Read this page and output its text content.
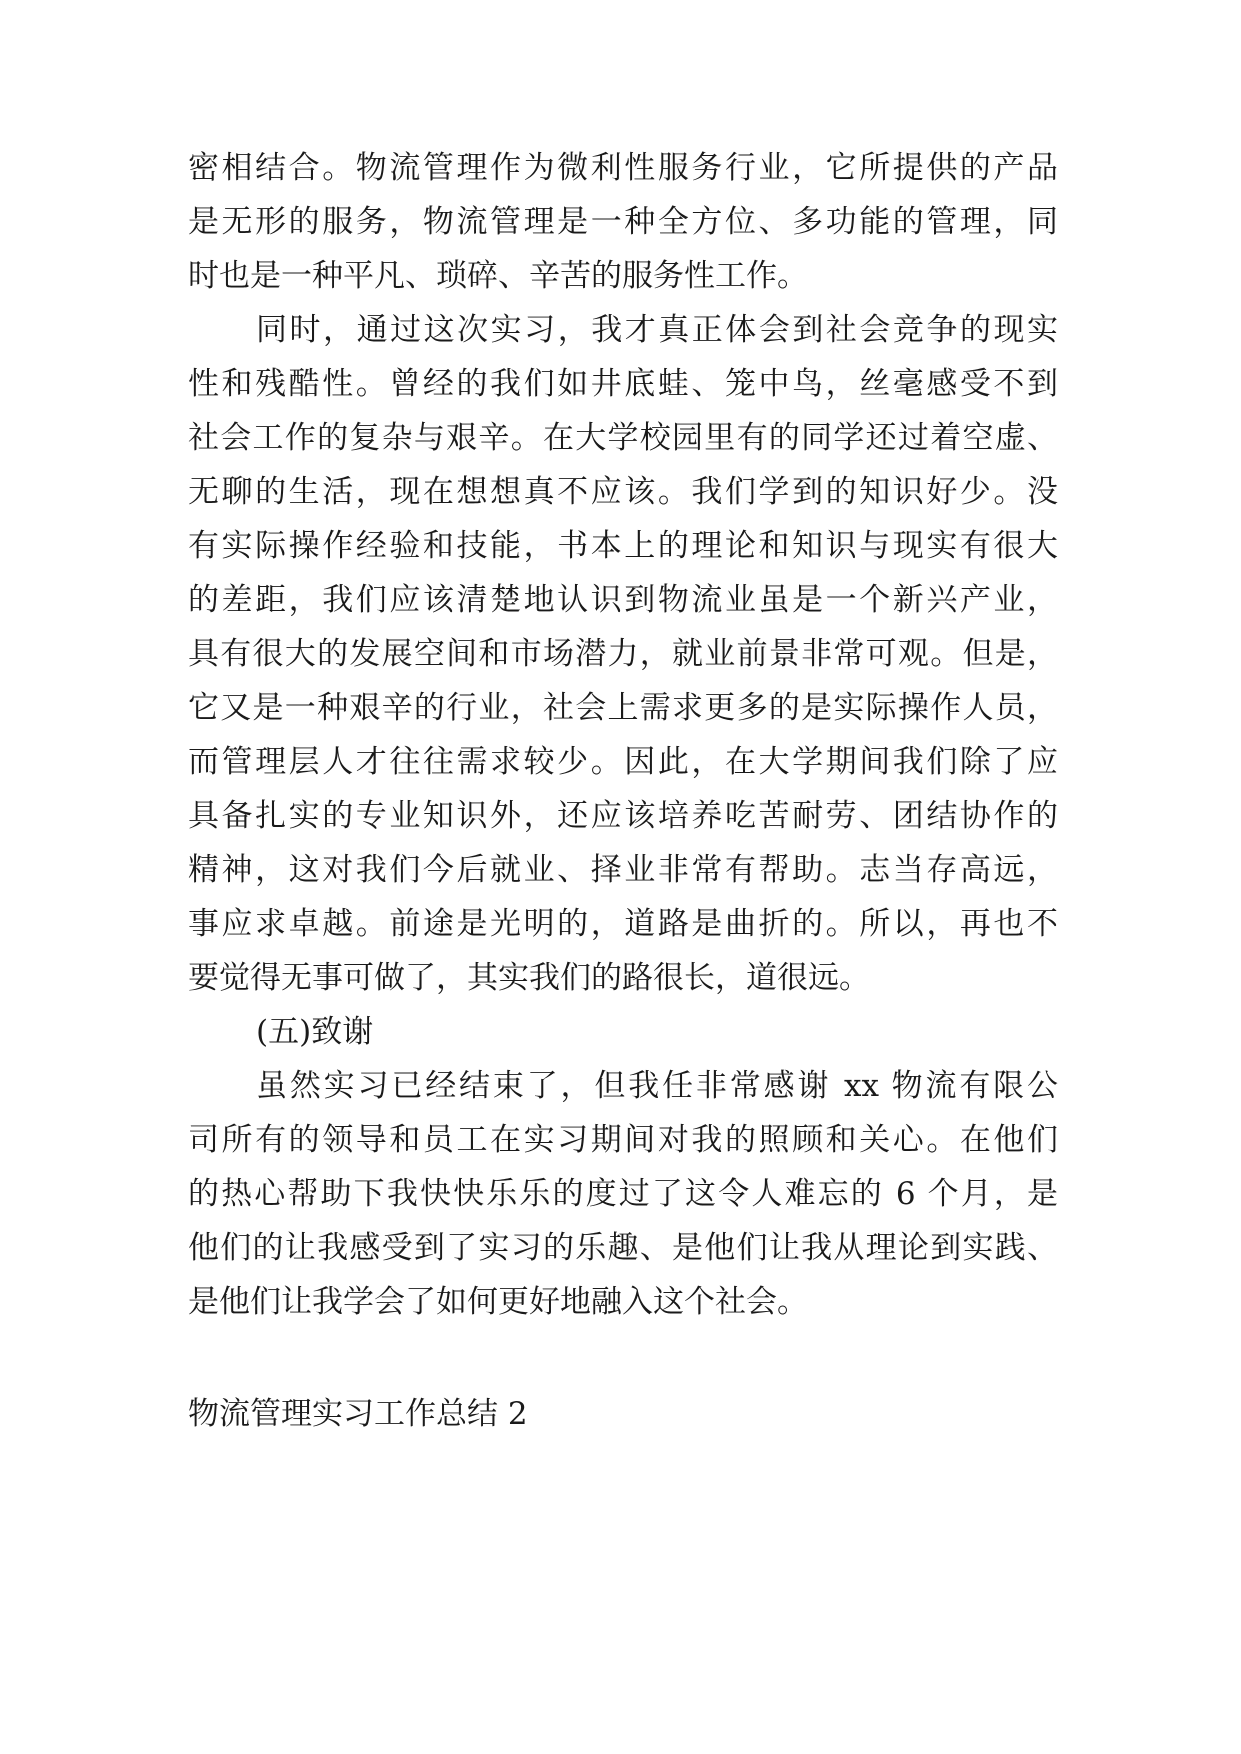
密相结合。物流管理作为微利性服务行业，它所提供的产品
是无形的服务，物流管理是一种全方位、多功能的管理，同
时也是一种平凡、琐碎、辛苦的服务性工作。
同时，通过这次实习，我才真正体会到社会竞争的现实
性和残酷性。曾经的我们如井底蛙、笼中鸟，丝毫感受不到
社会工作的复杂与艰辛。在大学校园里有的同学还过着空虚、
无聊的生活，现在想想真不应该。我们学到的知识好少。没
有实际操作经验和技能，书本上的理论和知识与现实有很大
的差距，我们应该清楚地认识到物流业虽是一个新兴产业，
具有很大的发展空间和市场潜力，就业前景非常可观。但是，
它又是一种艰辛的行业，社会上需求更多的是实际操作人员，
而管理层人才往往需求较少。因此，在大学期间我们除了应
具备扎实的专业知识外，还应该培养吃苦耐劳、团结协作的
精神，这对我们今后就业、择业非常有帮助。志当存高远，
事应求卓越。前途是光明的，道路是曲折的。所以，再也不
要觉得无事可做了，其实我们的路很长，道很远。
(五)致谢
虽然实习已经结束了，但我任非常感谢 xx 物流有限公
司所有的领导和员工在实习期间对我的照顾和关心。在他们
的热心帮助下我快快乐乐的度过了这令人难忘的 6 个月，是
他们的让我感受到了实习的乐趣、是他们让我从理论到实践、
是他们让我学会了如何更好地融入这个社会。
物流管理实习工作总结 2
